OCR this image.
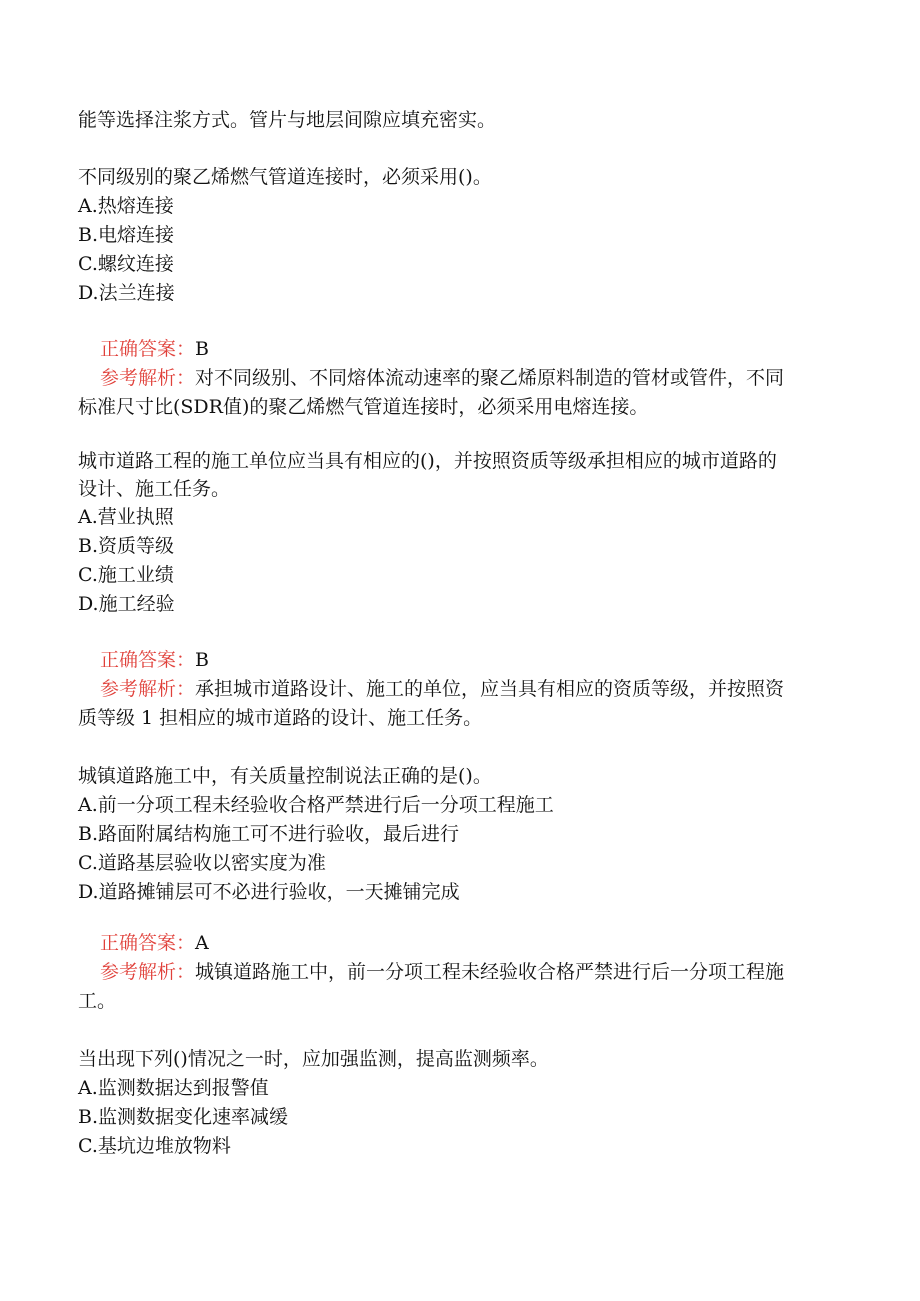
能等选择注浆方式。管片与地层间隙应填充密实。
不同级别的聚乙烯燃气管道连接时，必须采用()。
A.热熔连接
B.电熔连接
C.螺纹连接
D.法兰连接
正确答案：B
参考解析：对不同级别、不同熔体流动速率的聚乙烯原料制造的管材或管件，不同
标准尺寸比(SDR值)的聚乙烯燃气管道连接时，必须采用电熔连接。
城市道路工程的施工单位应当具有相应的()，并按照资质等级承担相应的城市道路的
设计、施工任务。
A.营业执照
B.资质等级
C.施工业绩
D.施工经验
正确答案：B
参考解析：承担城市道路设计、施工的单位，应当具有相应的资质等级，并按照资
质等级 1 担相应的城市道路的设计、施工任务。
城镇道路施工中，有关质量控制说法正确的是()。
A.前一分项工程未经验收合格严禁进行后一分项工程施工
B.路面附属结构施工可不进行验收，最后进行
C.道路基层验收以密实度为准
D.道路摊铺层可不必进行验收，一天摊铺完成
正确答案：A
参考解析：城镇道路施工中，前一分项工程未经验收合格严禁进行后一分项工程施
工。
当出现下列()情况之一时，应加强监测，提高监测频率。
A.监测数据达到报警值
B.监测数据变化速率减缓
C.基坑边堆放物料
